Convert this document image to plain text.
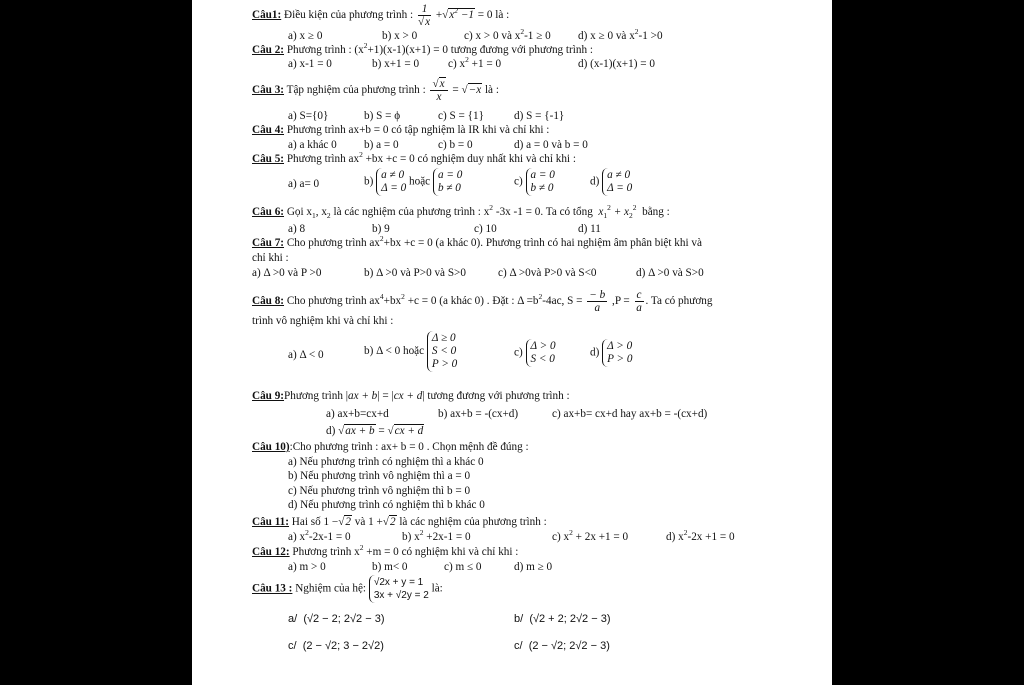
Câu1: Điều kiện của phương trình : $\frac{1}{√x} +√x^2 -1 = 0$ là :
a) x ≥ 0	b) x > 0	c) x > 0 và $x^2-1 \ge 0$ d) x ≥ 0 và $x^2-1 >0$
Câu 2: Phương trình : $(x^2+1)(x-1)(x+1) = 0$ tương đương với phương trình :
a) x-1 = 0	b) x+1 = 0	c) $x^2 +1 = 0$	d) (x-1)(x+1) = 0
Câu 3: Tập nghiệm của phương trình : $\frac{√x}{x} = √-x$ là :
a) S={0}	b) S = ϕ	c) S = {1}	d) S = {-1}
Câu 4: Phương trình ax+b = 0 có tập nghiệm là IR khi và chỉ khi :
a) a khác 0 b) a = 0	c) b = 0	d) a = 0 và b = 0
Câu 5: Phương trình $ax^2 +bx +c = 0$ có nghiệm duy nhất khi và chỉ khi :
a) a= 0	b)
a ≠ 0
Δ = 0
hoặc
a = 0
b ≠ 0
c)
a = 0
b ≠ 0
d)
a ≠ 0
Δ = 0
Câu 6: Gọi $x_1$, $x_2$ là các nghiệm của phương trình : $x^2$ -3x -1 = 0. Ta có tổng $x_1^2 + x_2^2$ bằng :
a) 8	b) 9	c) 10	d) 11
Câu 7: Cho phương trình $ax^2+bx +c = 0$ (a khác 0). Phương trình có hai nghiệm âm phân biệt khi và
chỉ khi :
a) Δ >0 và P >0	b) Δ >0 và P>0 và S>0	c) Δ >0và P>0 và S<0	d) Δ >0 và S>0
Câu 8: Cho phương trình $ax^4+bx^2 +c = 0$ (a khác 0) . Đặt : $\Delta =b^2-4ac$, $S = \frac{- b}{a} ,P = \frac{c}{a}$ . Ta có phương
trình vô nghiệm khi và chỉ khi :
a) Δ < 0	b) Δ < 0 hoặc
Δ ≥ 0
S < 0
P > 0
c)
Δ > 0
S < 0
d)
Δ > 0
P > 0
Câu 9:Phương trình |ax + b| = |cx + d| tương đương với phương trình :
a) ax+b=cx+d	b) ax+b = -(cx+d)	c) ax+b= cx+d hay ax+b = -(cx+d)
d) √ax + b = √cx + d
Câu 10):Cho phương trình : ax+ b = 0 . Chọn mệnh đề đúng :
a) Nếu phương trình có nghiệm thì a khác 0
b) Nếu phương trình vô nghiệm thì a = 0
c) Nếu phương trình vô nghiệm thì b = 0
d) Nếu phương trình có nghiệm thì b khác 0
Câu 11: Hai số 1 −√2 và 1 +√2 là các nghiệm của phương trình :
a) $x^2-2x-1 = 0$	b) $x^2 +2x-1 = 0$	c) $x^2 + 2x +1 = 0$	d) $x^2-2x +1 = 0$
Câu 12: Phương trình $x^2 +m = 0$ có nghiệm khi và chỉ khi :
a) m > 0	b) m< 0	c) m ≤ 0	d) m ≥ 0
Câu 13 : Nghiệm của hệ:
√2x + y = 1
3x + √2y = 2
là:
a/ (√2 − 2; 2√2 − 3)	b/ (√2 + 2; 2√2 − 3)
c/ (2 − √2; 3 − 2√2)	c/ (2 − √2; 2√2 − 3)
